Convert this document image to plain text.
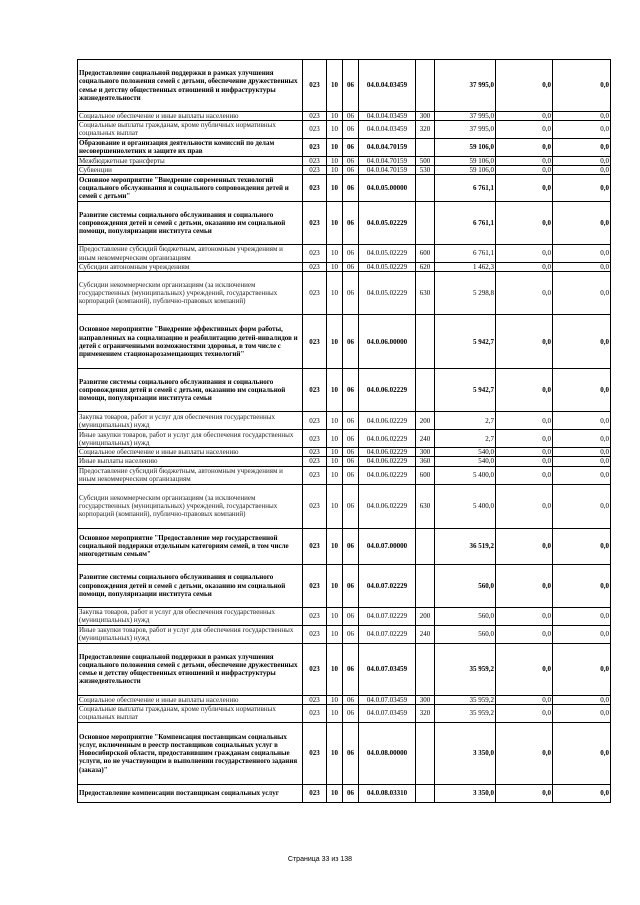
Предоставление социальной поддержки в рамках улучшения социального положения семей с детьми, обеспечение дружественных семье и детству общественных отношений и инфраструктуры жизнедеятельности	023	10	06	04.0.04.03459		37 995,0	0,0	0,0
Социальное обеспечение и иные выплаты населению	023	10	06	04.0.04.03459	300	37 995,0	0,0	0,0
Социальные выплаты гражданам, кроме публичных нормативных социальных выплат	023	10	06	04.0.04.03459	320	37 995,0	0,0	0,0
Образование и организация деятельности комиссий по делам несовершеннолетних и защите их прав	023	10	06	04.0.04.70159		59 106,0	0,0	0,0
Межбюджетные трансферты	023	10	06	04.0.04.70159	500	59 106,0	0,0	0,0
Субвенции	023	10	06	04.0.04.70159	530	59 106,0	0,0	0,0
Основное мероприятие "Внедрение современных технологий социального обслуживания и социального сопровождения детей и семей с детьми"	023	10	06	04.0.05.00000		6 761,1	0,0	0,0
Развитие системы социального обслуживания и социального сопровождения детей и семей с детьми, оказанию им социальной помощи, популяризации института семьи	023	10	06	04.0.05.02229		6 761,1	0,0	0,0
Предоставление субсидий бюджетным, автономным учреждениям и иным некоммерческим организациям	023	10	06	04.0.05.02229	600	6 761,1	0,0	0,0
Субсидии автономным учреждениям	023	10	06	04.0.05.02229	620	1 462,3	0,0	0,0
Субсидии некоммерческим организациям (за исключением государственных (муниципальных) учреждений, государственных корпораций (компаний), публично-правовых компаний)	023	10	06	04.0.05.02229	630	5 298,8	0,0	0,0
Основное мероприятие "Внедрение эффективных форм работы, направленных на социализацию и реабилитацию детей-инвалидов и детей с ограниченными возможностями здоровья, в том числе с применением стационарозамещающих технологий"	023	10	06	04.0.06.00000		5 942,7	0,0	0,0
Развитие системы социального обслуживания и социального сопровождения детей и семей с детьми, оказанию им социальной помощи, популяризации института семьи	023	10	06	04.0.06.02229		5 942,7	0,0	0,0
Закупка товаров, работ и услуг для обеспечения государственных (муниципальных) нужд	023	10	06	04.0.06.02229	200	2,7	0,0	0,0
Иные закупки товаров, работ и услуг для обеспечения государственных (муниципальных) нужд	023	10	06	04.0.06.02229	240	2,7	0,0	0,0
Социальное обеспечение и иные выплаты населению	023	10	06	04.0.06.02229	300	540,0	0,0	0,0
Иные выплаты населению	023	10	06	04.0.06.02229	360	540,0	0,0	0,0
Предоставление субсидий бюджетным, автономным учреждениям и иным некоммерческим организациям	023	10	06	04.0.06.02229	600	5 400,0	0,0	0,0
Субсидии некоммерческим организациям (за исключением государственных (муниципальных) учреждений, государственных корпораций (компаний), публично-правовых компаний)	023	10	06	04.0.06.02229	630	5 400,0	0,0	0,0
Основное мероприятие "Предоставление мер государственной социальной поддержки отдельным категориям семей, в том числе многодетным семьям"	023	10	06	04.0.07.00000		36 519,2	0,0	0,0
Развитие системы социального обслуживания и социального сопровождения детей и семей с детьми, оказанию им социальной помощи, популяризации института семьи	023	10	06	04.0.07.02229		560,0	0,0	0,0
Закупка товаров, работ и услуг для обеспечения государственных (муниципальных) нужд	023	10	06	04.0.07.02229	200	560,0	0,0	0,0
Иные закупки товаров, работ и услуг для обеспечения государственных (муниципальных) нужд	023	10	06	04.0.07.02229	240	560,0	0,0	0,0
Предоставление социальной поддержки в рамках улучшения социального положения семей с детьми, обеспечение дружественных семье и детству общественных отношений и инфраструктуры жизнедеятельности	023	10	06	04.0.07.03459		35 959,2	0,0	0,0
Социальное обеспечение и иные выплаты населению	023	10	06	04.0.07.03459	300	35 959,2	0,0	0,0
Социальные выплаты гражданам, кроме публичных нормативных социальных выплат	023	10	06	04.0.07.03459	320	35 959,2	0,0	0,0
Основное мероприятие "Компенсация поставщикам социальных услуг, включенным в реестр поставщиков социальных услуг в Новосибирской области, предоставившим гражданам социальные услуги, но не участвующим в выполнении государственного задания (заказа)"	023	10	06	04.0.08.00000		3 350,0	0,0	0,0
Предоставление компенсации поставщикам социальных услуг	023	10	06	04.0.08.03310		3 350,0	0,0	0,0
Страница 33 из 138
